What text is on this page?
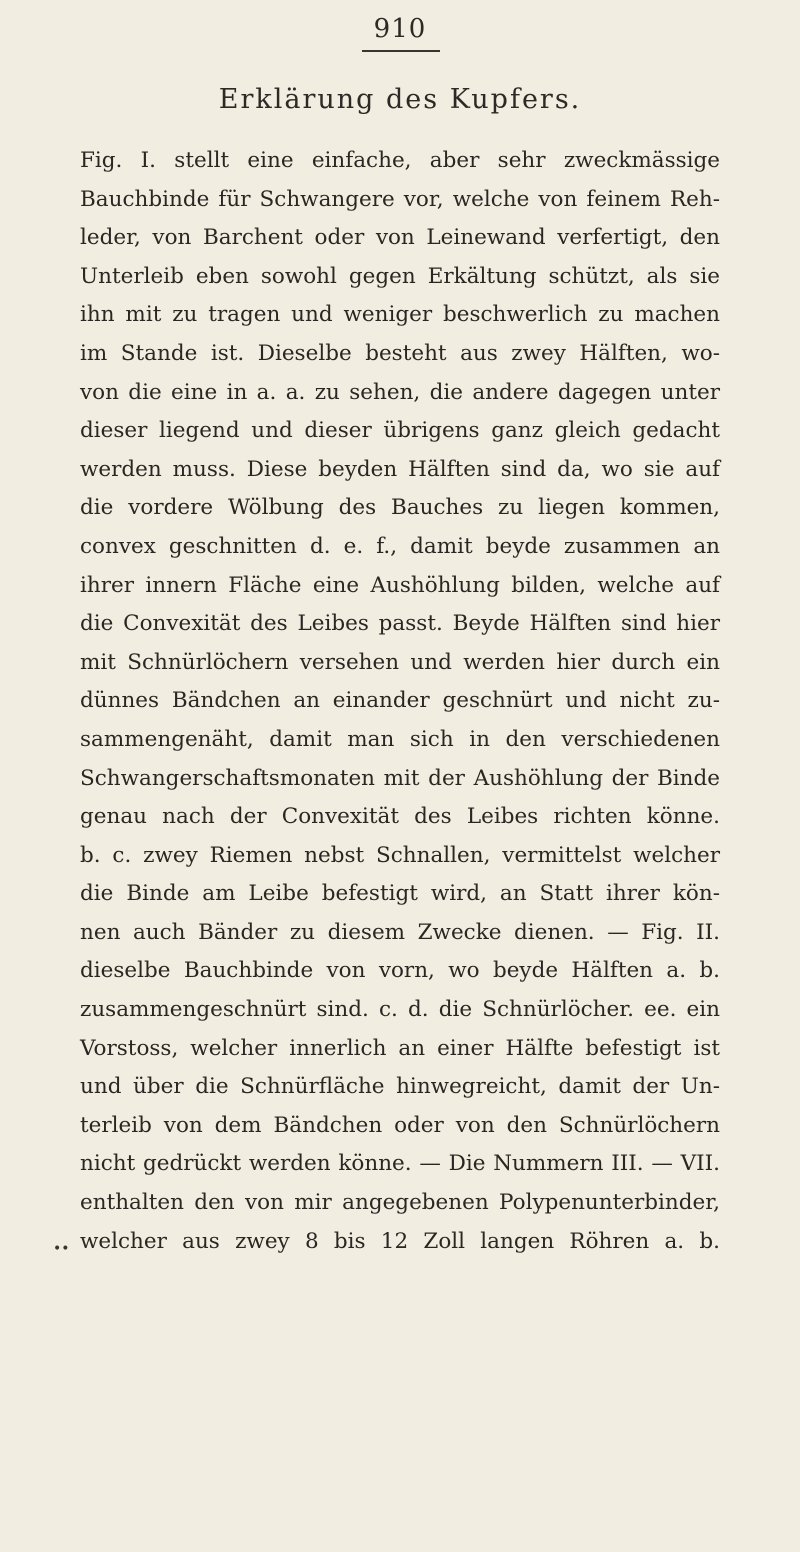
910
Erklärung des Kupfers.
••
Fig. I. stellt eine einfache, aber sehr zweckmässige
Bauchbinde für Schwangere vor, welche von feinem Reh-
leder, von Barchent oder von Leinewand verfertigt, den
Unterleib eben sowohl gegen Erkältung schützt, als sie
ihn mit zu tragen und weniger beschwerlich zu machen
im Stande ist. Dieselbe besteht aus zwey Hälften, wo-
von die eine in a. a. zu sehen, die andere dagegen unter
dieser liegend und dieser übrigens ganz gleich gedacht
werden muss. Diese beyden Hälften sind da, wo sie auf
die vordere Wölbung des Bauches zu liegen kommen,
convex geschnitten d. e. f., damit beyde zusammen an
ihrer innern Fläche eine Aushöhlung bilden, welche auf
die Convexität des Leibes passt. Beyde Hälften sind hier
mit Schnürlöchern versehen und werden hier durch ein
dünnes Bändchen an einander geschnürt und nicht zu-
sammengenäht, damit man sich in den verschiedenen
Schwangerschaftsmonaten mit der Aushöhlung der Binde
genau nach der Convexität des Leibes richten könne.
b. c. zwey Riemen nebst Schnallen, vermittelst welcher
die Binde am Leibe befestigt wird, an Statt ihrer kön-
nen auch Bänder zu diesem Zwecke dienen. — Fig. II.
dieselbe Bauchbinde von vorn, wo beyde Hälften a. b.
zusammengeschnürt sind. c. d. die Schnürlöcher. ee. ein
Vorstoss, welcher innerlich an einer Hälfte befestigt ist
und über die Schnürfläche hinwegreicht, damit der Un-
terleib von dem Bändchen oder von den Schnürlöchern
nicht gedrückt werden könne. — Die Nummern III. — VII.
enthalten den von mir angegebenen Polypenunterbinder,
welcher aus zwey 8 bis 12 Zoll langen Röhren a. b.
